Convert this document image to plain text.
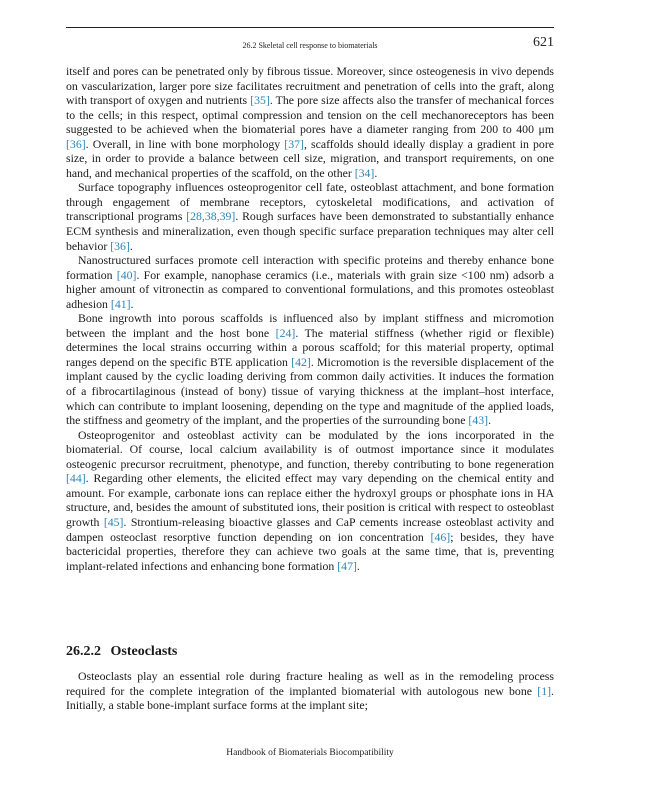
26.2 Skeletal cell response to biomaterials	621

itself and pores can be penetrated only by fibrous tissue. Moreover, since osteogenesis in vivo depends on vascularization, larger pore size facilitates recruitment and penetration of cells into the graft, along with transport of oxygen and nutrients [35]. The pore size affects also the transfer of mechanical forces to the cells; in this respect, optimal compression and tension on the cell mechanoreceptors has been suggested to be achieved when the biomaterial pores have a diameter ranging from 200 to 400 μm [36]. Overall, in line with bone morphology [37], scaffolds should ideally display a gradient in pore size, in order to provide a balance between cell size, migration, and transport requirements, on one hand, and mechanical properties of the scaffold, on the other [34].

Surface topography influences osteoprogenitor cell fate, osteoblast attachment, and bone formation through engagement of membrane receptors, cytoskeletal modifications, and activation of transcriptional programs [28,38,39]. Rough surfaces have been demonstrated to substantially enhance ECM synthesis and mineralization, even though specific surface preparation techniques may alter cell behavior [36].

Nanostructured surfaces promote cell interaction with specific proteins and thereby enhance bone formation [40]. For example, nanophase ceramics (i.e., materials with grain size <100 nm) adsorb a higher amount of vitronectin as compared to conventional formulations, and this promotes osteoblast adhesion [41].

Bone ingrowth into porous scaffolds is influenced also by implant stiffness and micromotion between the implant and the host bone [24]. The material stiffness (whether rigid or flexible) determines the local strains occurring within a porous scaffold; for this material property, optimal ranges depend on the specific BTE application [42]. Micromotion is the reversible displacement of the implant caused by the cyclic loading deriving from common daily activities. It induces the formation of a fibrocartilaginous (instead of bony) tissue of varying thickness at the implant–host interface, which can contribute to implant loosening, depending on the type and magnitude of the applied loads, the stiffness and geometry of the implant, and the properties of the surrounding bone [43].

Osteoprogenitor and osteoblast activity can be modulated by the ions incorporated in the biomaterial. Of course, local calcium availability is of outmost importance since it modulates osteogenic precursor recruitment, phenotype, and function, thereby contributing to bone regeneration [44]. Regarding other elements, the elicited effect may vary depending on the chemical entity and amount. For example, carbonate ions can replace either the hydroxyl groups or phosphate ions in HA structure, and, besides the amount of substituted ions, their position is critical with respect to osteoblast growth [45]. Strontium-releasing bioactive glasses and CaP cements increase osteoblast activity and dampen osteoclast resorptive function depending on ion concentration [46]; besides, they have bactericidal properties, therefore they can achieve two goals at the same time, that is, preventing implant-related infections and enhancing bone formation [47].

26.2.2 Osteoclasts

Osteoclasts play an essential role during fracture healing as well as in the remodeling process required for the complete integration of the implanted biomaterial with autologous new bone [1]. Initially, a stable bone-implant surface forms at the implant site;

Handbook of Biomaterials Biocompatibility
